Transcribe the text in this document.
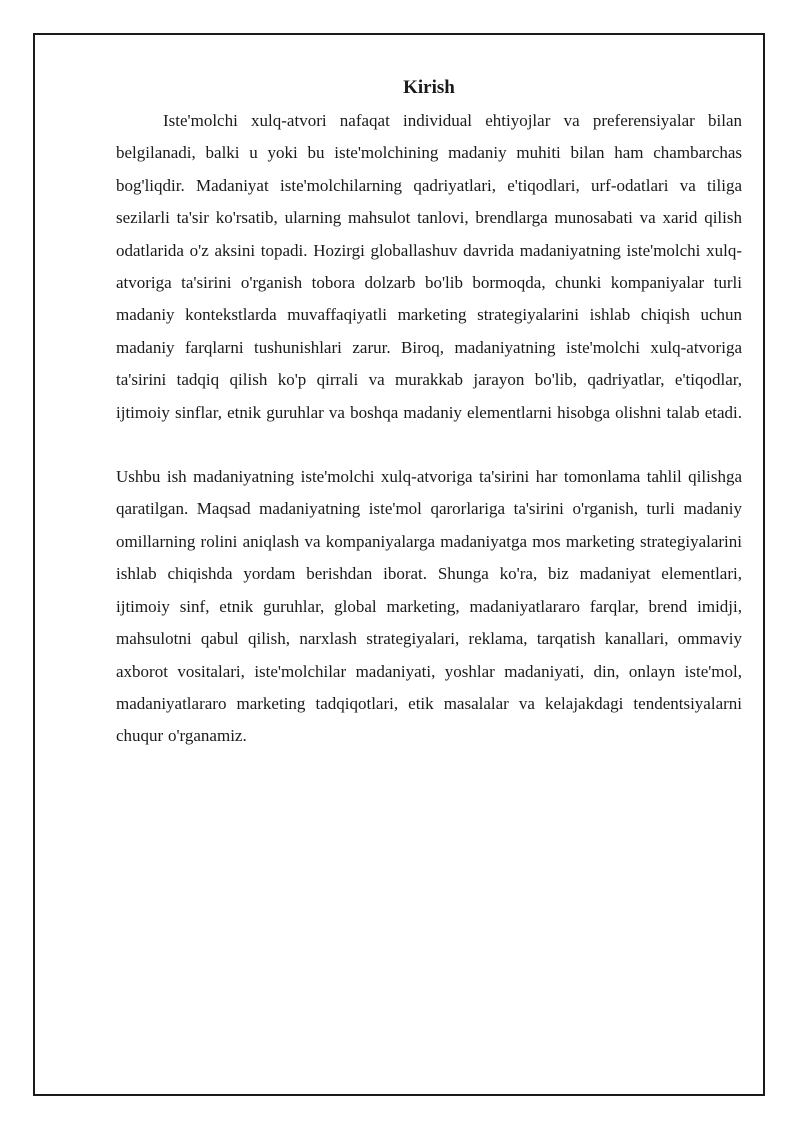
Kirish

Iste'molchi xulq-atvori nafaqat individual ehtiyojlar va preferensiyalar bilan belgilanadi, balki u yoki bu iste'molchining madaniy muhiti bilan ham chambarchas bog'liqdir. Madaniyat iste'molchilarning qadriyatlari, e'tiqodlari, urf-odatlari va tiliga sezilarli ta'sir ko'rsatib, ularning mahsulot tanlovi, brendlarga munosabati va xarid qilish odatlarida o'z aksini topadi. Hozirgi globallashuv davrida madaniyatning iste'molchi xulq-atvoriga ta'sirini o'rganish tobora dolzarb bo'lib bormoqda, chunki kompaniyalar turli madaniy kontekstlarda muvaffaqiyatli marketing strategiyalarini ishlab chiqish uchun madaniy farqlarni tushunishlari zarur. Biroq, madaniyatning iste'molchi xulq-atvoriga ta'sirini tadqiq qilish ko'p qirrali va murakkab jarayon bo'lib, qadriyatlar, e'tiqodlar, ijtimoiy sinflar, etnik guruhlar va boshqa madaniy elementlarni hisobga olishni talab etadi.

Ushbu ish madaniyatning iste'molchi xulq-atvoriga ta'sirini har tomonlama tahlil qilishga qaratilgan. Maqsad madaniyatning iste'mol qarorlariga ta'sirini o'rganish, turli madaniy omillarning rolini aniqlash va kompaniyalarga madaniyatga mos marketing strategiyalarini ishlab chiqishda yordam berishdan iborat. Shunga ko'ra, biz madaniyat elementlari, ijtimoiy sinf, etnik guruhlar, global marketing, madaniyatlararo farqlar, brend imidji, mahsulotni qabul qilish, narxlash strategiyalari, reklama, tarqatish kanallari, ommaviy axborot vositalari, iste'molchilar madaniyati, yoshlar madaniyati, din, onlayn iste'mol, madaniyatlararo marketing tadqiqotlari, etik masalalar va kelajakdagi tendentsiyalarni chuqur o'rganamiz.
